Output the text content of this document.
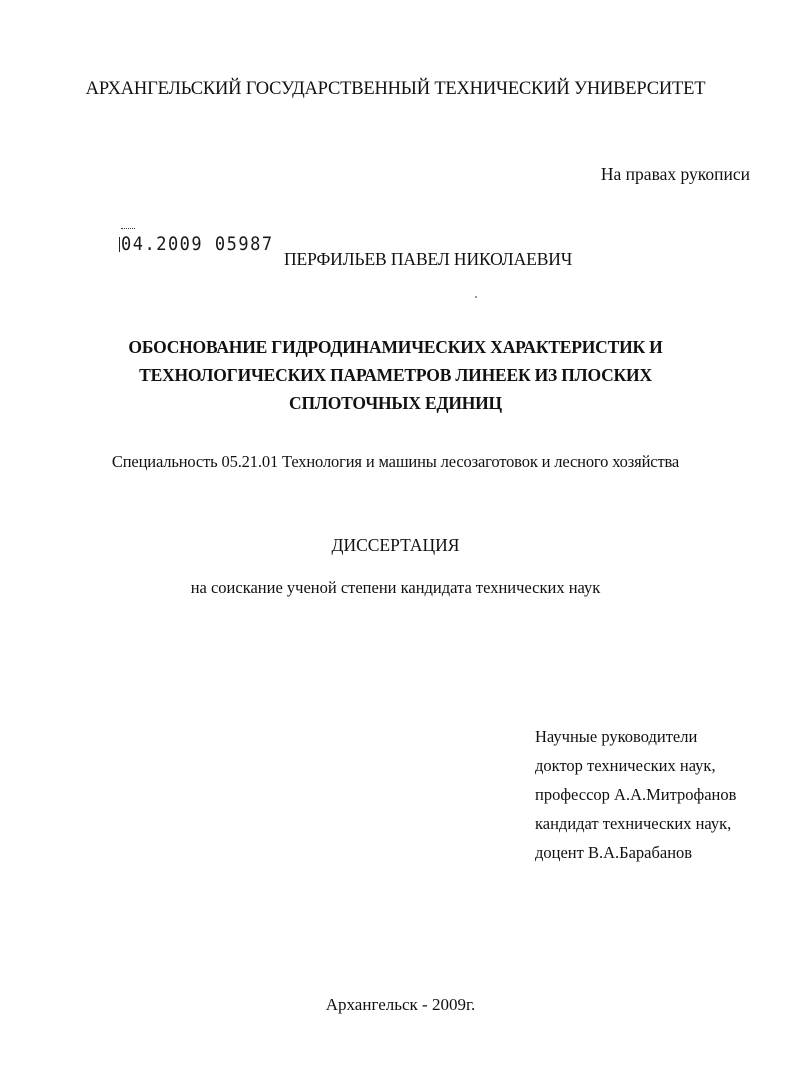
АРХАНГЕЛЬСКИЙ ГОСУДАРСТВЕННЫЙ ТЕХНИЧЕСКИЙ УНИВЕРСИТЕТ
На правах рукописи
04.2009 05987
ПЕРФИЛЬЕВ ПАВЕЛ НИКОЛАЕВИЧ
ОБОСНОВАНИЕ ГИДРОДИНАМИЧЕСКИХ ХАРАКТЕРИСТИК И
ТЕХНОЛОГИЧЕСКИХ ПАРАМЕТРОВ ЛИНЕЕК ИЗ ПЛОСКИХ
СПЛОТОЧНЫХ ЕДИНИЦ
Специальность 05.21.01 Технология и машины лесозаготовок и лесного хозяйства
ДИССЕРТАЦИЯ
на соискание ученой степени кандидата технических наук
Научные руководители
доктор технических наук,
профессор А.А.Митрофанов
кандидат технических наук,
доцент В.А.Барабанов
Архангельск - 2009г.
